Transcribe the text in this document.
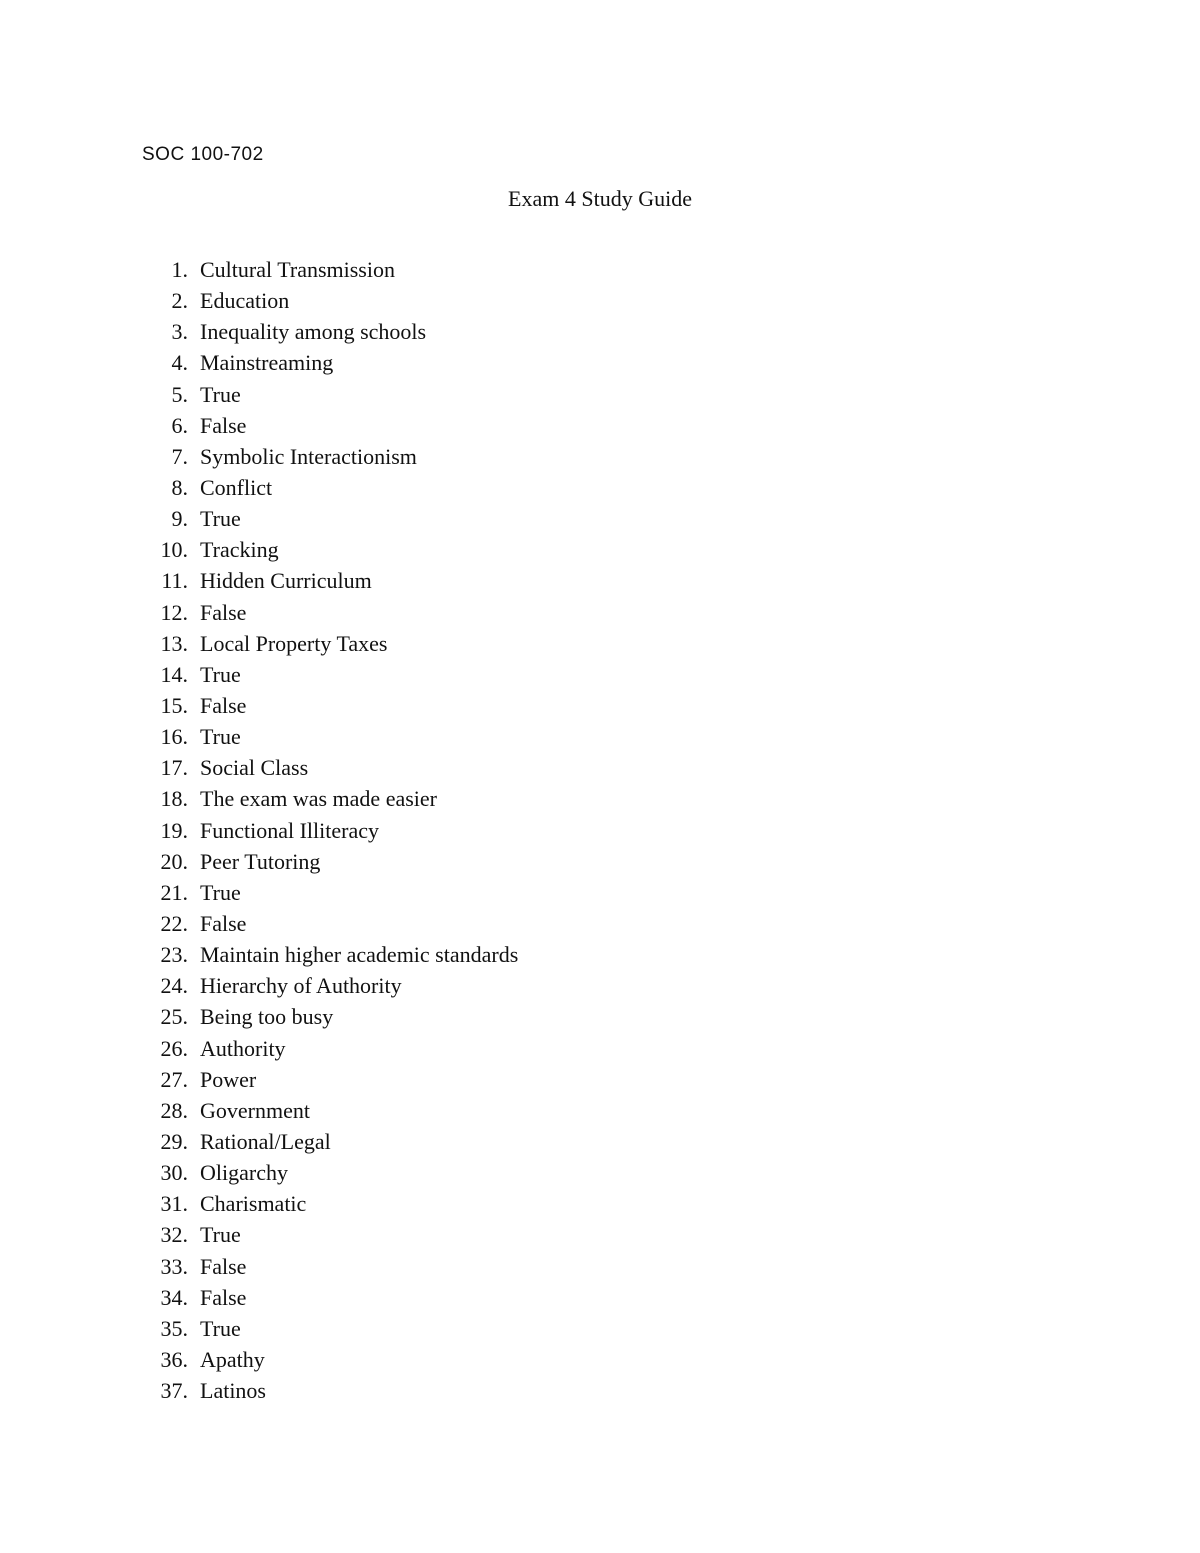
SOC 100-702
Exam 4 Study Guide
1. Cultural Transmission
2. Education
3. Inequality among schools
4. Mainstreaming
5. True
6. False
7. Symbolic Interactionism
8. Conflict
9. True
10. Tracking
11. Hidden Curriculum
12. False
13. Local Property Taxes
14. True
15. False
16. True
17. Social Class
18. The exam was made easier
19. Functional Illiteracy
20. Peer Tutoring
21. True
22. False
23. Maintain higher academic standards
24. Hierarchy of Authority
25. Being too busy
26. Authority
27. Power
28. Government
29. Rational/Legal
30. Oligarchy
31. Charismatic
32. True
33. False
34. False
35. True
36. Apathy
37. Latinos
